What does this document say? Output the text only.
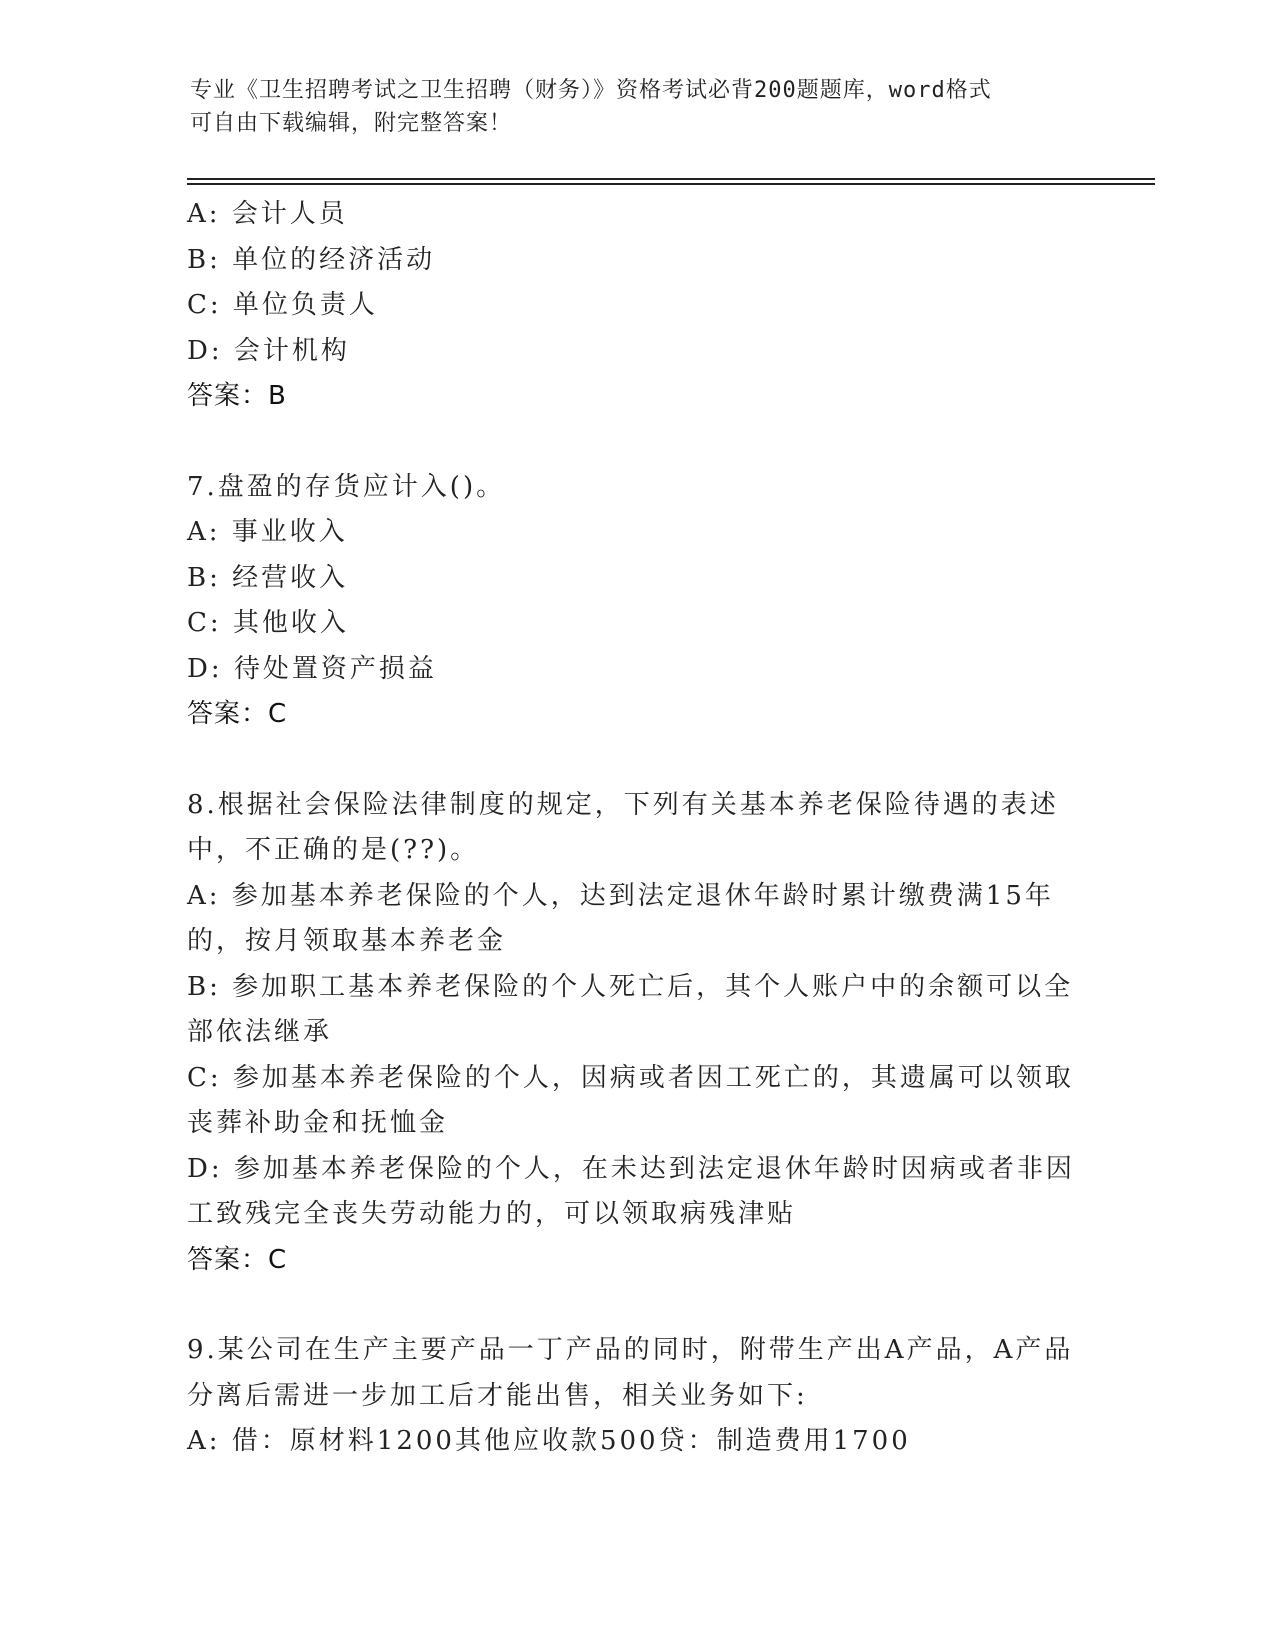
专业《卫生招聘考试之卫生招聘（财务）》资格考试必背200题题库，word格式
可自由下载编辑，附完整答案！
A: 会计人员
B: 单位的经济活动
C: 单位负责人
D: 会计机构
答案：B
7.盘盈的存货应计入()。
A: 事业收入
B: 经营收入
C: 其他收入
D: 待处置资产损益
答案：C
8.根据社会保险法律制度的规定，下列有关基本养老保险待遇的表述
中，不正确的是(??)。
A: 参加基本养老保险的个人，达到法定退休年龄时累计缴费满15年
的，按月领取基本养老金
B: 参加职工基本养老保险的个人死亡后，其个人账户中的余额可以全
部依法继承
C: 参加基本养老保险的个人，因病或者因工死亡的，其遗属可以领取
丧葬补助金和抚恤金
D: 参加基本养老保险的个人，在未达到法定退休年龄时因病或者非因
工致残完全丧失劳动能力的，可以领取病残津贴
答案：C
9.某公司在生产主要产品一丁产品的同时，附带生产出A产品，A产品
分离后需进一步加工后才能出售，相关业务如下:
A: 借：原材料1200其他应收款500贷：制造费用1700
